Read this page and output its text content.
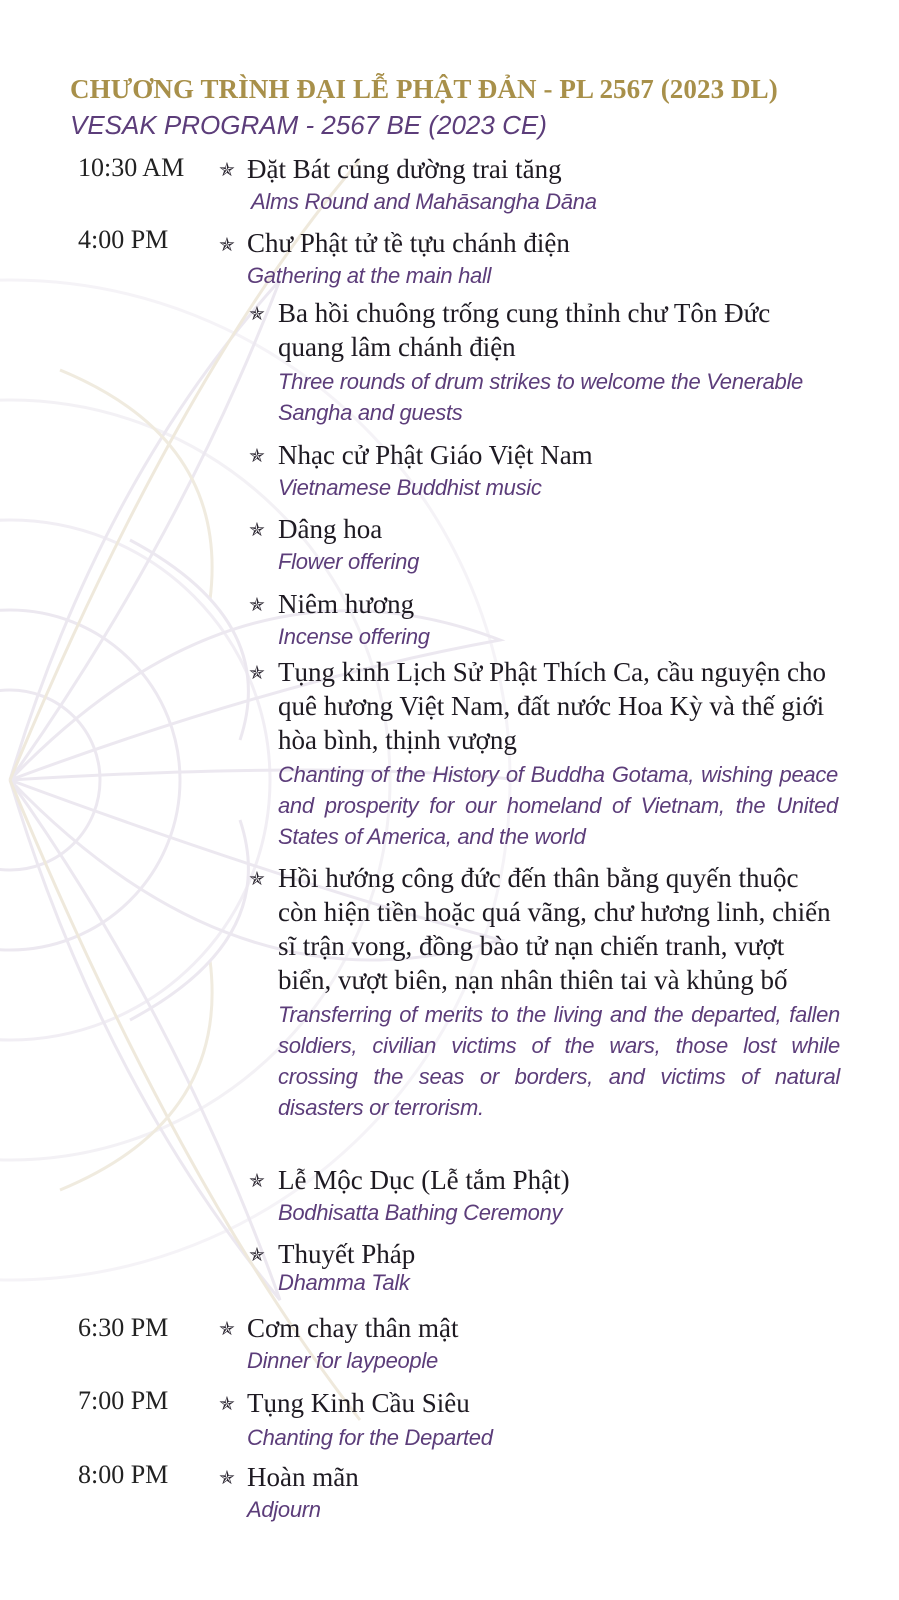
CHƯƠNG TRÌNH ĐẠI LỄ PHẬT ĐẢN - PL 2567 (2023 DL)
VESAK PROGRAM - 2567 BE (2023 CE)
10:30 AM ✯ Đặt Bát cúng dường trai tăng
Alms Round and Mahāsangha Dāna
4:00 PM	✯ Chư Phật tử tề tựu chánh điện
Gathering at the main hall
✯ Ba hồi chuông trống cung thỉnh chư Tôn Đức quang lâm chánh điện
Three rounds of drum strikes to welcome the Venerable Sangha and guests
✯ Nhạc cử Phật Giáo Việt Nam
Vietnamese Buddhist music
✯ Dâng hoa
Flower offering
✯ Niêm hương
Incense offering
✯ Tụng kinh Lịch Sử Phật Thích Ca, cầu nguyện cho quê hương Việt Nam, đất nước Hoa Kỳ và thế giới hòa bình, thịnh vượng
Chanting of the History of Buddha Gotama, wishing peace and prosperity for our homeland of Vietnam, the United States of America, and the world
✯ Hồi hướng công đức đến thân bằng quyến thuộc còn hiện tiền hoặc quá vãng, chư hương linh, chiến sĩ trận vong, đồng bào tử nạn chiến tranh, vượt biển, vượt biên, nạn nhân thiên tai và khủng bố
Transferring of merits to the living and the departed, fallen soldiers, civilian victims of the wars, those lost while crossing the seas or borders, and victims of natural disasters or terrorism.
✯ Lễ Mộc Dục (Lễ tắm Phật)
Bodhisatta Bathing Ceremony
✯ Thuyết Pháp
Dhamma Talk
6:30 PM	✯ Cơm chay thân mật
Dinner for laypeople
7:00 PM	✯ Tụng Kinh Cầu Siêu
Chanting for the Departed
8:00 PM	✯ Hoàn mãn
Adjourn
